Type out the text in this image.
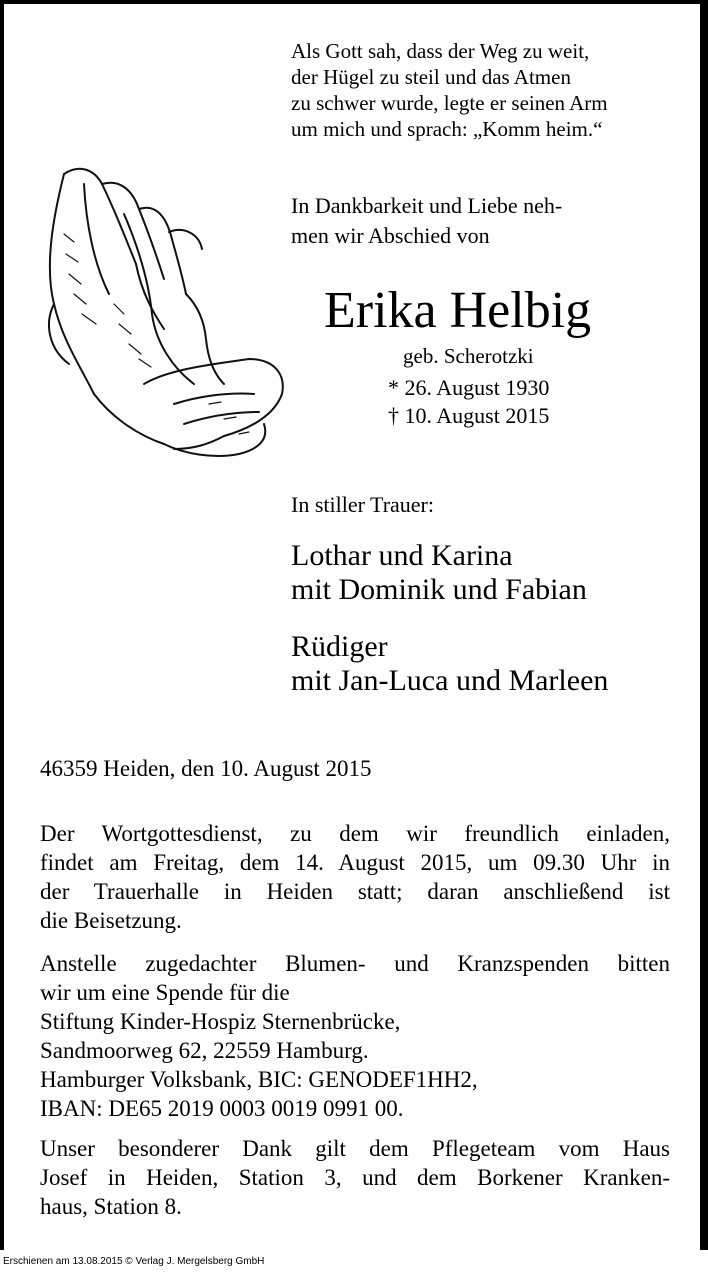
Als Gott sah, dass der Weg zu weit,
der Hügel zu steil und das Atmen
zu schwer wurde, legte er seinen Arm
um mich und sprach: „Komm heim.“
In Dankbarkeit und Liebe neh-
men wir Abschied von
Erika Helbig
geb. Scherotzki
* 26. August 1930
† 10. August 2015
In stiller Trauer:
Lothar und Karina
mit Dominik und Fabian
Rüdiger
mit Jan-Luca und Marleen
46359 Heiden, den 10. August 2015
Der Wortgottesdienst, zu dem wir freundlich einladen,
findet am Freitag, dem 14. August 2015, um 09.30 Uhr in
der Trauerhalle in Heiden statt; daran anschließend ist
die Beisetzung.
Anstelle zugedachter Blumen- und Kranzspenden bitten
wir um eine Spende für die
Stiftung Kinder-Hospiz Sternenbrücke,
Sandmoorweg 62, 22559 Hamburg.
Hamburger Volksbank, BIC: GENODEF1HH2,
IBAN: DE65 2019 0003 0019 0991 00.
Unser besonderer Dank gilt dem Pflegeteam vom Haus
Josef in Heiden, Station 3, und dem Borkener Kranken-
haus, Station 8.
Erschienen am 13.08.2015 © Verlag J. Mergelsberg GmbH
